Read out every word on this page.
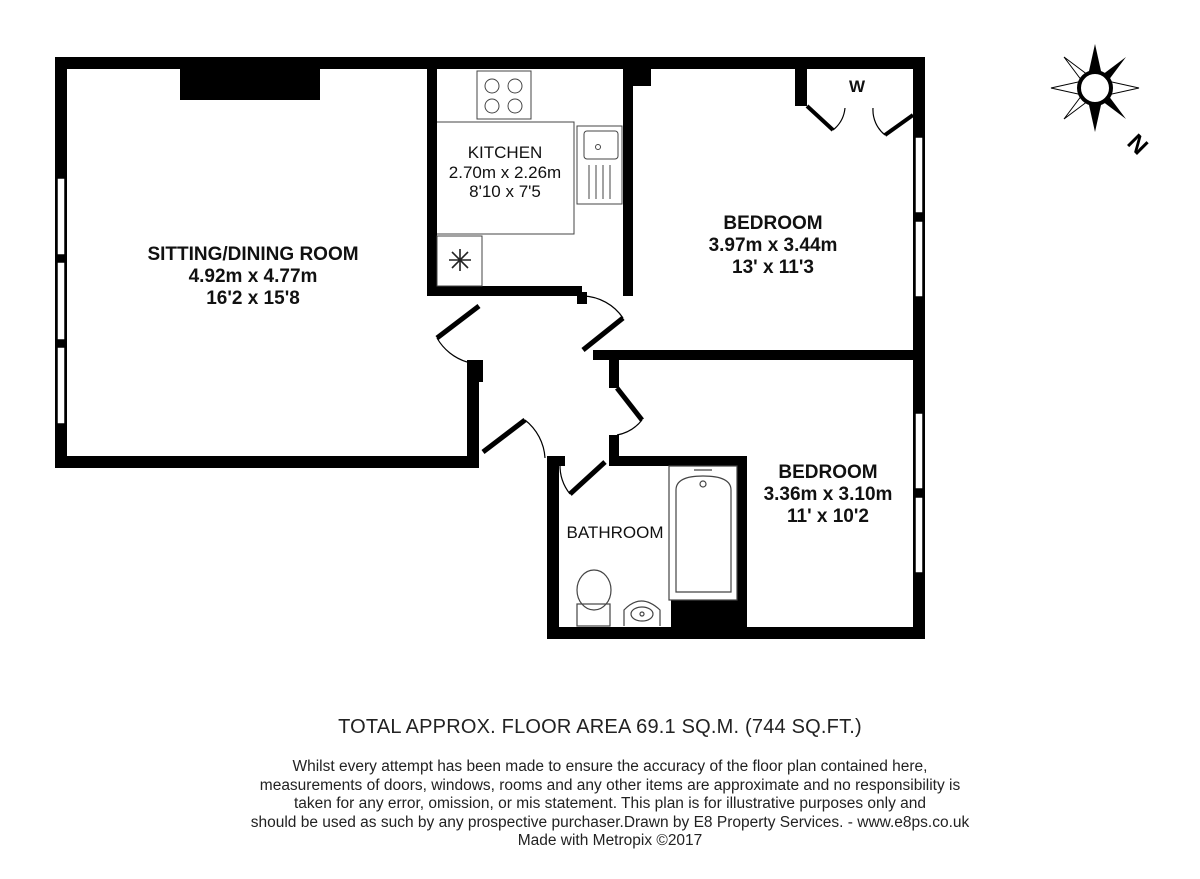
N
SITTING/DINING ROOM
4.92m x 4.77m
16'2 x 15'8
KITCHEN
2.70m x 2.26m
8'10 x 7'5
BEDROOM
3.97m x 3.44m
13' x 11'3
BEDROOM
3.36m x 3.10m
11' x 10'2
BATHROOM
W
TOTAL APPROX. FLOOR AREA 69.1 SQ.M. (744 SQ.FT.)
Whilst every attempt has been made to ensure the accuracy of the floor plan contained here,
measurements of doors, windows, rooms and any other items are approximate and no responsibility is
taken for any error, omission, or mis statement. This plan is for illustrative purposes only and
should be used as such by any prospective purchaser.Drawn by E8 Property Services. - www.e8ps.co.uk
Made with Metropix ©2017
